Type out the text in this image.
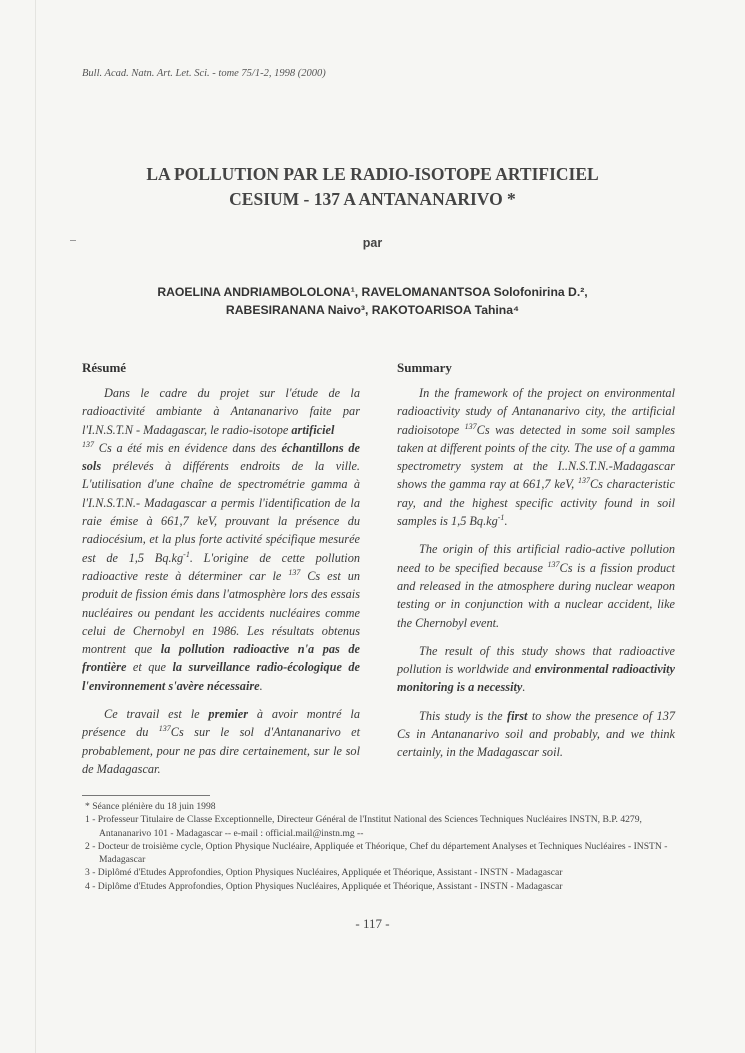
Bull. Acad. Natn. Art. Let. Sci. - tome 75/1-2, 1998 (2000)
LA POLLUTION PAR LE RADIO-ISOTOPE ARTIFICIEL
CESIUM - 137 A ANTANANARIVO *
par
RAOELINA ANDRIAMBOLOLONA¹, RAVELOMANANTSOA Solofonirina D.²,
RABESIRANANA Naivo³, RAKOTOARISOA Tahina⁴
Résumé

Dans le cadre du projet sur l'étude de la radioactivité ambiante à Antananarivo faite par l'I.N.S.T.N - Madagascar, le radio-isotope artificiel
$^{137}$ Cs a été mis en évidence dans des échantillons de sols prélevés à différents endroits de la ville. L'utilisation d'une chaîne de spectrométrie gamma à l'I.N.S.T.N.- Madagascar a permis l'identification de la raie émise à 661,7 keV, prouvant la présence du radiocésium, et la plus forte activité spécifique mesurée est de 1,5 $Bq.kg^{-1}$. L'origine de cette pollution radioactive reste à déterminer car le $^{137}$ Cs est un produit de fission émis dans l'atmosphère lors des essais nucléaires ou pendant les accidents nucléaires comme celui de Chernobyl en 1986. Les résultats obtenus montrent que la pollution radioactive n'a pas de frontière et que la surveillance radio-écologique de l'environnement s'avère nécessaire.

Ce travail est le premier à avoir montré la présence du $^{137}$Cs sur le sol d'Antananarivo et probablement, pour ne pas dire certainement, sur le sol de Madagascar.

Summary

In the framework of the project on environmental radioactivity study of Antananarivo city, the artificial radioisotope $^{137}$Cs was detected in some soil samples taken at different points of the city. The use of a gamma spectrometry system at the I..N.S.T.N.-Madagascar shows the gamma ray at 661,7 keV, $^{137}$Cs characteristic ray, and the highest specific activity found in soil samples is 1,5 $Bq.kg^{-1}$.

The origin of this artificial radio-active pollution need to be specified because $^{137}$Cs is a fission product and released in the atmosphere during nuclear weapon testing or in conjunction with a nuclear accident, like the Chernobyl event.

The result of this study shows that radioactive pollution is worldwide and environmental radioactivity monitoring is a necessity.

This study is the first to show the presence of 137 Cs in Antananarivo soil and probably, and we think certainly, in the Madagascar soil.

* Séance plénière du 18 juin 1998

1 - Professeur Titulaire de Classe Exceptionnelle, Directeur Général de l'Institut National des Sciences Techniques Nucléaires INSTN, B.P. 4279, Antananarivo 101 - Madagascar -- e-mail : official.mail@instn.mg --

2 - Docteur de troisième cycle, Option Physique Nucléaire, Appliquée et Théorique, Chef du département Analyses et Techniques Nucléaires - INSTN - Madagascar

3 - Diplômé d'Etudes Approfondies, Option Physiques Nucléaires, Appliquée et Théorique, Assistant - INSTN - Madagascar

4 - Diplôme d'Etudes Approfondies, Option Physiques Nucléaires, Appliquée et Théorique, Assistant - INSTN - Madagascar

- 117 -
